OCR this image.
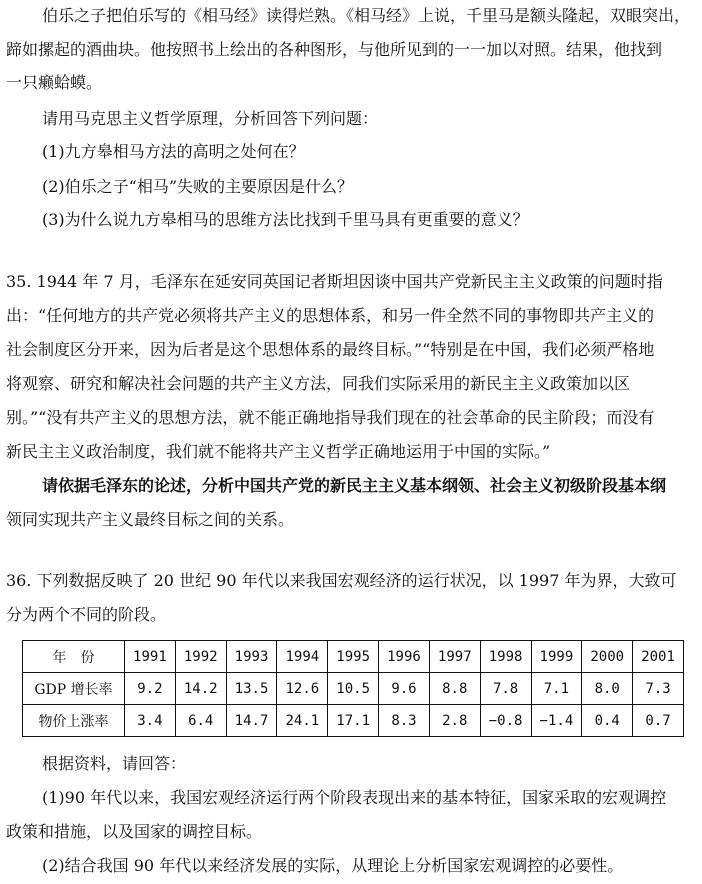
伯乐之子把伯乐写的《相马经》读得烂熟。《相马经》上说，千里马是额头隆起，双眼突出，
蹄如摞起的酒曲块。他按照书上绘出的各种图形，与他所见到的一一加以对照。结果，他找到
一只癞蛤蟆。
请用马克思主义哲学原理，分析回答下列问题：
(1)九方皋相马方法的高明之处何在？
(2)伯乐之子“相马”失败的主要原因是什么？
(3)为什么说九方皋相马的思维方法比找到千里马具有更重要的意义？
35. 1944 年 7 月，毛泽东在延安同英国记者斯坦因谈中国共产党新民主主义政策的问题时指
出：“任何地方的共产党必须将共产主义的思想体系，和另一件全然不同的事物即共产主义的
社会制度区分开来，因为后者是这个思想体系的最终目标。”“特别是在中国，我们必须严格地
将观察、研究和解决社会问题的共产主义方法，同我们实际采用的新民主主义政策加以区
别。”“没有共产主义的思想方法，就不能正确地指导我们现在的社会革命的民主阶段；而没有
新民主主义政治制度，我们就不能将共产主义哲学正确地运用于中国的实际。”
请依据毛泽东的论述，分析中国共产党的新民主主义基本纲领、社会主义初级阶段基本纲
领同实现共产主义最终目标之间的关系。
36. 下列数据反映了 20 世纪 90 年代以来我国宏观经济的运行状况，以 1997 年为界，大致可
分为两个不同的阶段。
年　份	1991	1992	1993	1994	1995	1996	1997	1998	1999	2000	2001
GDP 增长率	9.2	14.2	13.5	12.6	10.5	9.6	8.8	7.8	7.1	8.0	7.3
物价上涨率	3.4	6.4	14.7	24.1	17.1	8.3	2.8	−0.8	−1.4	0.4	0.7
根据资料，请回答：
(1)90 年代以来，我国宏观经济运行两个阶段表现出来的基本特征，国家采取的宏观调控
政策和措施，以及国家的调控目标。
(2)结合我国 90 年代以来经济发展的实际，从理论上分析国家宏观调控的必要性。
